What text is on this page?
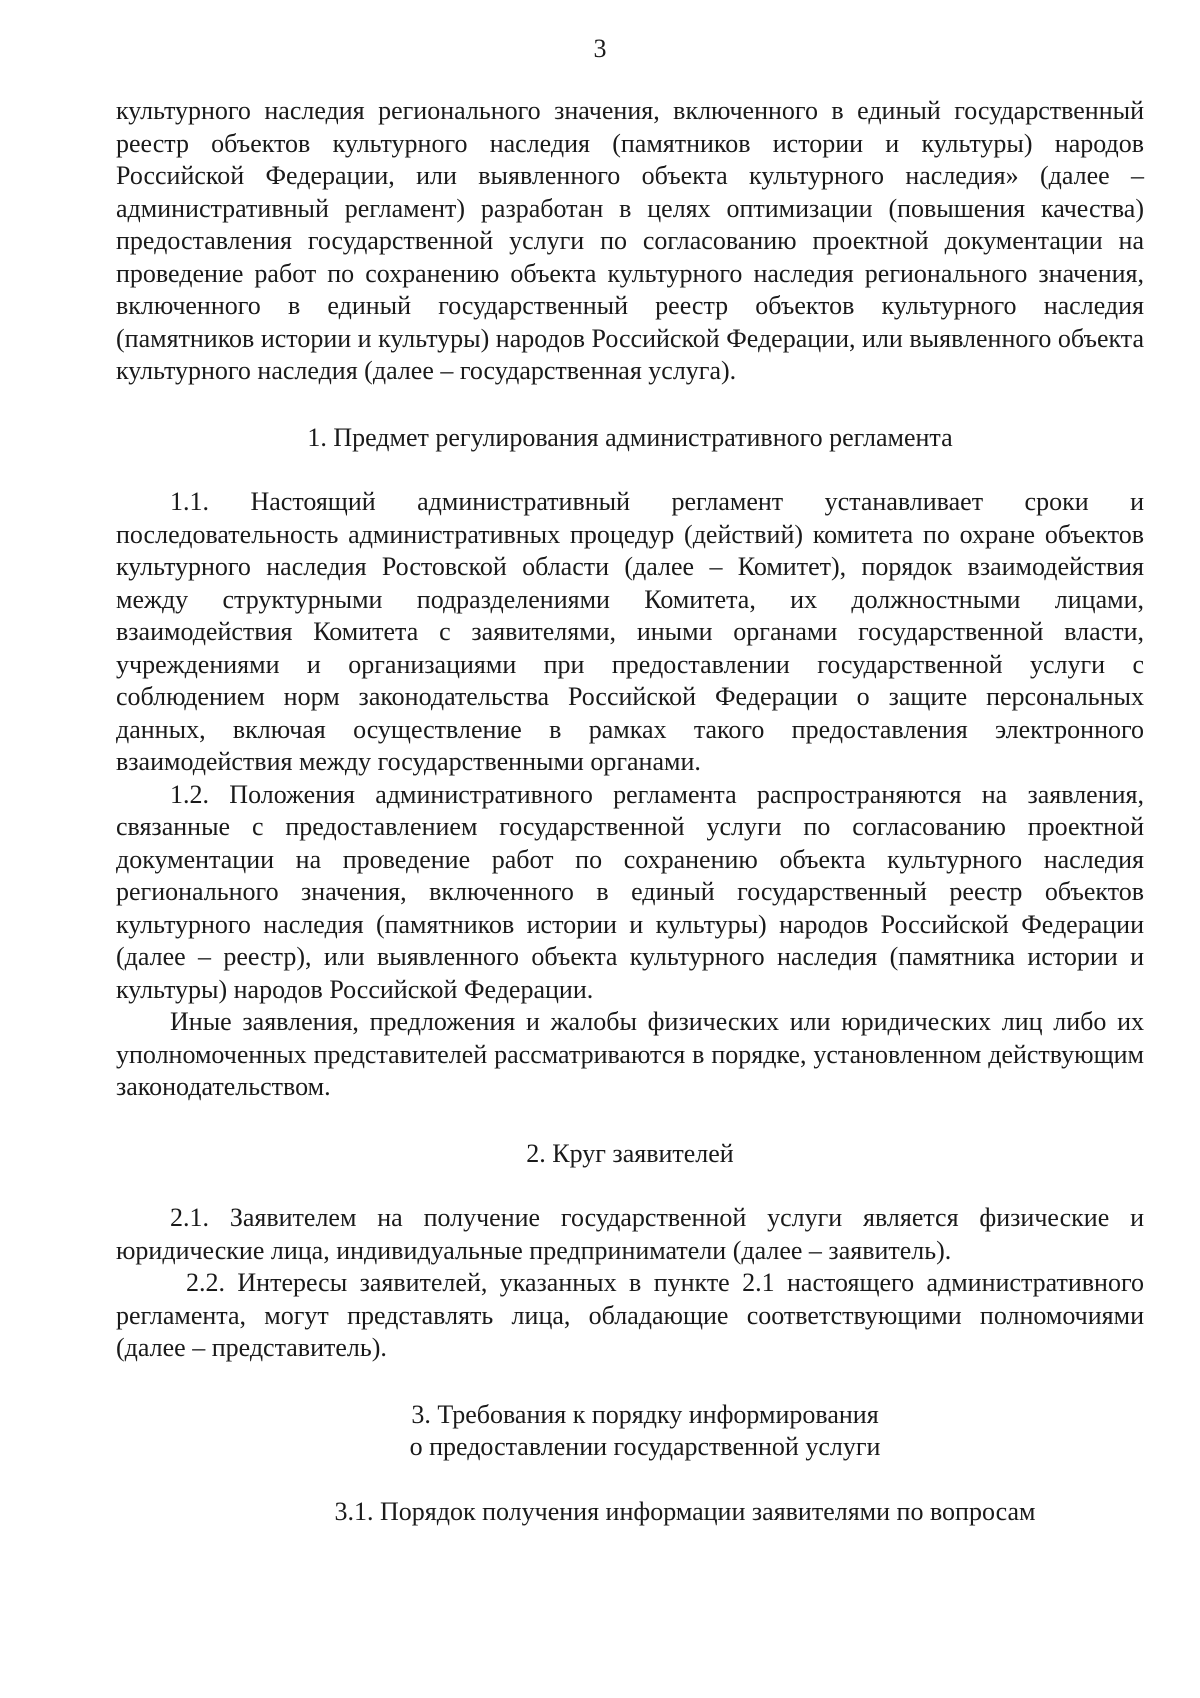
3

культурного наследия регионального значения, включенного в единый государственный реестр объектов культурного наследия (памятников истории и культуры) народов Российской Федерации, или выявленного объекта культурного наследия» (далее – административный регламент) разработан в целях оптимизации (повышения качества) предоставления государственной услуги по согласованию проектной документации на проведение работ по сохранению объекта культурного наследия регионального значения, включенного в единый государственный реестр объектов культурного наследия (памятников истории и культуры) народов Российской Федерации, или выявленного объекта культурного наследия (далее – государственная услуга).

1. Предмет регулирования административного регламента

1.1. Настоящий административный регламент устанавливает сроки и последовательность административных процедур (действий) комитета по охране объектов культурного наследия Ростовской области (далее – Комитет), порядок взаимодействия между структурными подразделениями Комитета, их должностными лицами, взаимодействия Комитета с заявителями, иными органами государственной власти, учреждениями и организациями при предоставлении государственной услуги с соблюдением норм законодательства Российской Федерации о защите персональных данных, включая осуществление в рамках такого предоставления электронного взаимодействия между государственными органами.

1.2. Положения административного регламента распространяются на заявления, связанные с предоставлением государственной услуги по согласованию проектной документации на проведение работ по сохранению объекта культурного наследия регионального значения, включенного в единый государственный реестр объектов культурного наследия (памятников истории и культуры) народов Российской Федерации (далее – реестр), или выявленного объекта культурного наследия (памятника истории и культуры) народов Российской Федерации.

Иные заявления, предложения и жалобы физических или юридических лиц либо их уполномоченных представителей рассматриваются в порядке, установленном действующим законодательством.

2. Круг заявителей

2.1. Заявителем на получение государственной услуги является физические и юридические лица, индивидуальные предприниматели (далее – заявитель).

2.2. Интересы заявителей, указанных в пункте 2.1 настоящего административного регламента, могут представлять лица, обладающие соответствующими полномочиями (далее – представитель).

3. Требования к порядку информирования

о предоставлении государственной услуги

3.1. Порядок получения информации заявителями по вопросам
